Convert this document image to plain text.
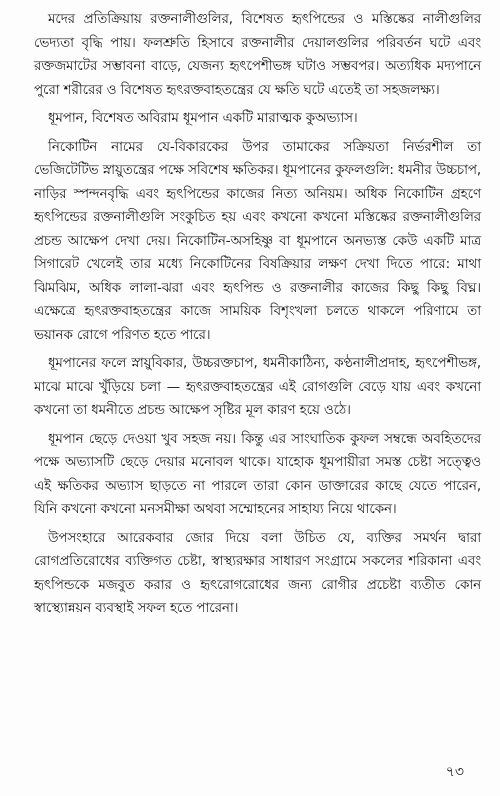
মদের প্রতিক্রিয়ায় রক্তনালীগুলির, বিশেষত হৃৎপিন্ডের ও মস্তিষ্কের নালীগুলির ভেদ্যতা বৃদ্ধি পায়। ফলশ্রুতি হিসাবে রক্তনালীর দেয়ালগুলির পরিবর্তন ঘটে এবং রক্তজমাটের সম্ভাবনা বাড়ে, যেজন্য হৃৎপেশীভঙ্গ ঘটাও সম্ভবপর। অত্যধিক মদ্যপানে পুরো শরীরের ও বিশেষত হৃৎরক্তবাহতন্ত্রের যে ক্ষতি ঘটে এতেই তা সহজলক্ষ্য।

ধূমপান, বিশেষত অবিরাম ধূমপান একটি মারাত্মক কুঅভ্যাস।

নিকোটিন নামের যে-বিকারকের উপর তামাকের সক্রিয়তা নির্ভরশীল তা ভেজিটেটিভ স্নায়ুতন্ত্রের পক্ষে সবিশেষ ক্ষতিকর। ধূমপানের কুফলগুলি: ধমনীর উচ্চচাপ, নাড়ির স্পন্দনবৃদ্ধি এবং হৃৎপিন্ডের কাজের নিত্য অনিয়ম। অধিক নিকোটিন গ্রহণে হৃৎপিন্ডের রক্তনালীগুলি সংকুচিত হয় এবং কখনো কখনো মস্তিষ্কের রক্তনালীগুলির প্রচন্ড আক্ষেপ দেখা দেয়। নিকোটিন-অসহিষ্ণু বা ধূমপানে অনভ্যস্ত কেউ একটি মাত্র সিগারেট খেলেই তার মধ্যে নিকোটিনের বিষক্রিয়ার লক্ষণ দেখা দিতে পারে: মাথা ঝিমঝিম, অধিক লালা-ঝরা এবং হৃৎপিন্ড ও রক্তনালীর কাজের কিছু কিছু বিঘ্ন। এক্ষেত্রে হৃৎরক্তবাহতন্ত্রের কাজে সাময়িক বিশৃংখলা চলতে থাকলে পরিণামে তা ভয়ানক রোগে পরিণত হতে পারে।

ধূমপানের ফলে স্নায়ুবিকার, উচ্চরক্তচাপ, ধমনীকাঠিন্য, কণ্ঠনালীপ্রদাহ, হৃৎপেশীভঙ্গ, মাঝে মাঝে খুঁড়িয়ে চলা — হৃৎরক্তবাহতন্ত্রের এই রোগগুলি বেড়ে যায় এবং কখনো কখনো তা ধমনীতে প্রচন্ড আক্ষেপ সৃষ্টির মূল কারণ হয়ে ওঠে।

ধূমপান ছেড়ে দেওয়া খুব সহজ নয়। কিন্তু এর সাংঘাতিক কুফল সম্বন্ধে অবহিতদের পক্ষে অভ্যাসটি ছেড়ে দেয়ার মনোবল থাকে। যাহোক ধূমপায়ীরা সমস্ত চেষ্টা সত্ত্বেও এই ক্ষতিকর অভ্যাস ছাড়তে না পারলে তারা কোন ডাক্তারের কাছে যেতে পারেন, যিনি কখনো কখনো মনসমীক্ষা অথবা সম্মোহনের সাহায্য নিয়ে থাকেন।

উপসংহারে আরেকবার জোর দিয়ে বলা উচিত যে, ব্যক্তির সমর্থন দ্বারা রোগপ্রতিরোধের ব্যক্তিগত চেষ্টা, স্বাস্থ্যরক্ষার সাধারণ সংগ্রামে সকলের শরিকানা এবং হৃৎপিন্ডকে মজবুত করার ও হৃৎরোগরোধের জন্য রোগীর প্রচেষ্টা ব্যতীত কোন স্বাস্থ্যোন্নয়ন ব্যবস্থাই সফল হতে পারেনা।

৭৩
